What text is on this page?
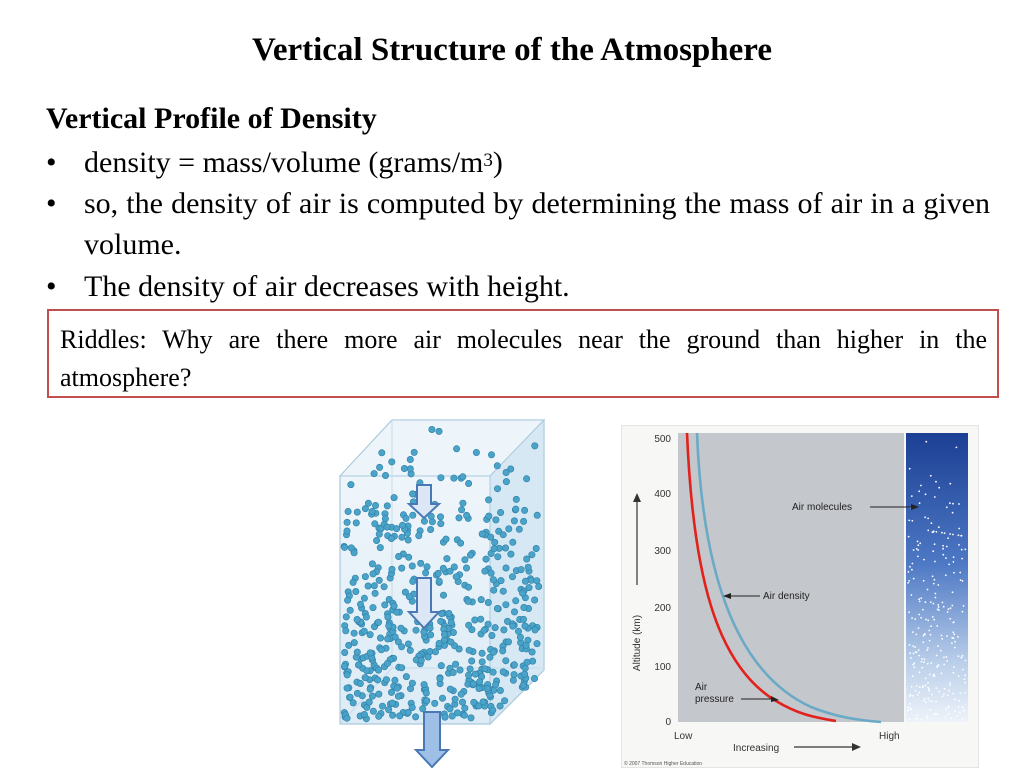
Vertical Structure of the Atmosphere
Vertical Profile of Density
• density = mass/volume $(grams/m^3)$
• so, the density of air is computed by determining the mass of air in a given volume.
• The density of air decreases with height.
Riddles: Why are there more air molecules near the ground than higher in the atmosphere?
500
400
300
200
100
0
Altitude (km)
Air molecules
Air density
Air
pressure
Low	High
Increasing
© 2007 Thomson Higher Education
